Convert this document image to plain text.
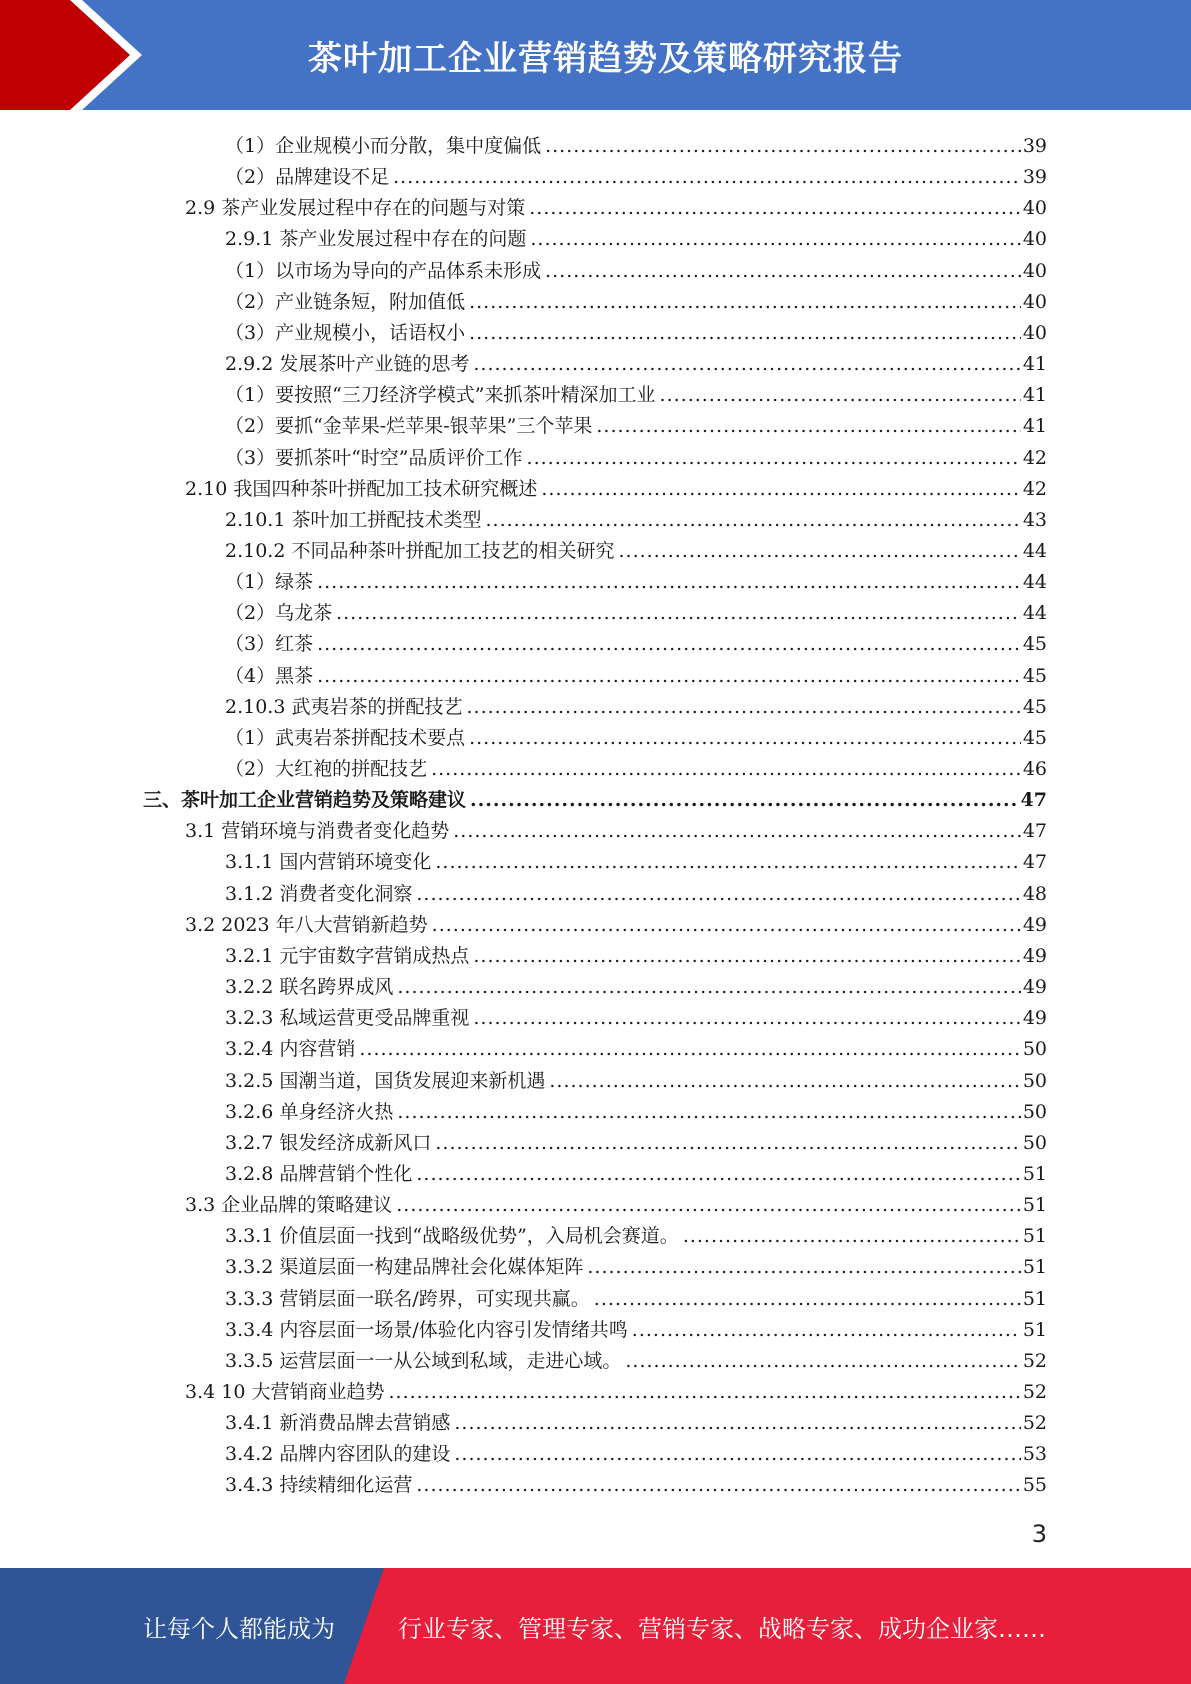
茶叶加工企业营销趋势及策略研究报告
（1）企业规模小而分散，集中度偏低 .....	39
（2）品牌建设不足 .....	39
2.9 茶产业发展过程中存在的问题与对策 .....	40
2.9.1 茶产业发展过程中存在的问题 .....	40
（1）以市场为导向的产品体系未形成 .....	40
（2）产业链条短，附加值低 .....	40
（3）产业规模小，话语权小 .....	40
2.9.2 发展茶叶产业链的思考 .....	41
（1）要按照“三刀经济学模式”来抓茶叶精深加工业 .....	41
（2）要抓“金苹果-烂苹果-银苹果”三个苹果 .....	41
（3）要抓茶叶“时空”品质评价工作 .....	42
2.10 我国四种茶叶拼配加工技术研究概述 .....	42
2.10.1 茶叶加工拼配技术类型 .....	43
2.10.2 不同品种茶叶拼配加工技艺的相关研究 .....	44
（1）绿茶 .....	44
（2）乌龙茶 .....	44
（3）红茶 .....	45
（4）黑茶 .....	45
2.10.3 武夷岩茶的拼配技艺 .....	45
（1）武夷岩茶拼配技术要点 .....	45
（2）大红袍的拼配技艺 .....	46
三、茶叶加工企业营销趋势及策略建议 .....	47
3.1 营销环境与消费者变化趋势 .....	47
3.1.1 国内营销环境变化 .....	47
3.1.2 消费者变化洞察 .....	48
3.2 2023 年八大营销新趋势 .....	49
3.2.1 元宇宙数字营销成热点 .....	49
3.2.2 联名跨界成风 .....	49
3.2.3 私域运营更受品牌重视 .....	49
3.2.4 内容营销 .....	50
3.2.5 国潮当道，国货发展迎来新机遇 .....	50
3.2.6 单身经济火热 .....	50
3.2.7 银发经济成新风口 .....	50
3.2.8 品牌营销个性化 .....	51
3.3 企业品牌的策略建议 .....	51
3.3.1 价值层面一找到“战略级优势”，入局机会赛道。 .....	51
3.3.2 渠道层面一构建品牌社会化媒体矩阵 .....	51
3.3.3 营销层面一联名/跨界，可实现共赢。 .....	51
3.3.4 内容层面一场景/体验化内容引发情绪共鸣 .....	51
3.3.5 运营层面一一从公域到私域，走进心域。 .....	52
3.4 10 大营销商业趋势 .....	52
3.4.1 新消费品牌去营销感 .....	52
3.4.2 品牌内容团队的建设 .....	53
3.4.3 持续精细化运营 .....	55
3
让每个人都能成为	行业专家、管理专家、营销专家、战略专家、成功企业家……
